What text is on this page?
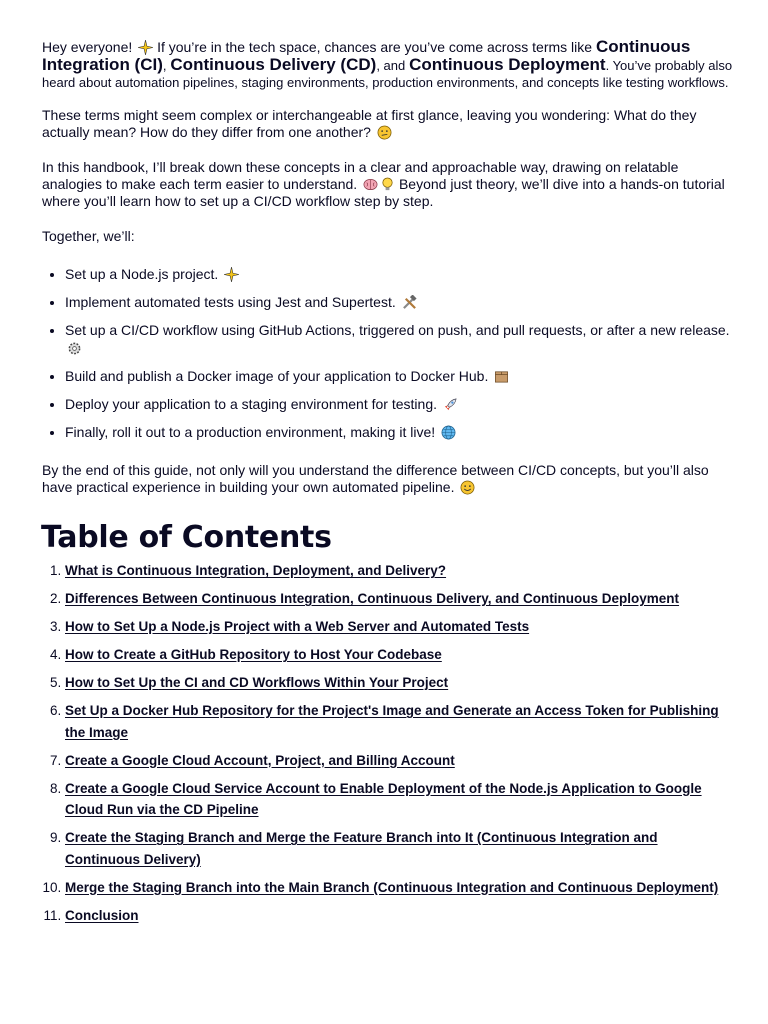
Hey everyone! If you’re in the tech space, chances are you’ve come across terms like Continuous Integration (CI), Continuous Delivery (CD), and Continuous Deployment. You’ve probably also heard about automation pipelines, staging environments, production environments, and concepts like testing workflows.

These terms might seem complex or interchangeable at first glance, leaving you wondering: What do they actually mean? How do they differ from one another?

In this handbook, I’ll break down these concepts in a clear and approachable way, drawing on relatable analogies to make each term easier to understand.	Beyond just theory, we’ll dive into a hands-on tutorial where you’ll learn how to set up a CI/CD workflow step by step.

Together, we’ll:

• Set up a Node.js project.
• Implement automated tests using Jest and Supertest.
• Set up a CI/CD workflow using GitHub Actions, triggered on push, and pull requests, or after a new release.
• Build and publish a Docker image of your application to Docker Hub.
• Deploy your application to a staging environment for testing.
• Finally, roll it out to a production environment, making it live!

By the end of this guide, not only will you understand the difference between CI/CD concepts, but you’ll also have practical experience in building your own automated pipeline.

Table of Contents
1. What is Continuous Integration, Deployment, and Delivery?
2. Differences Between Continuous Integration, Continuous Delivery, and Continuous Deployment
3. How to Set Up a Node.js Project with a Web Server and Automated Tests
4. How to Create a GitHub Repository to Host Your Codebase
5. How to Set Up the CI and CD Workflows Within Your Project
6. Set Up a Docker Hub Repository for the Project's Image and Generate an Access Token for Publishing the Image
7. Create a Google Cloud Account, Project, and Billing Account
8. Create a Google Cloud Service Account to Enable Deployment of the Node.js Application to Google Cloud Run via the CD Pipeline
9. Create the Staging Branch and Merge the Feature Branch into It (Continuous Integration and Continuous Delivery)
10. Merge the Staging Branch into the Main Branch (Continuous Integration and Continuous Deployment)
11. Conclusion
